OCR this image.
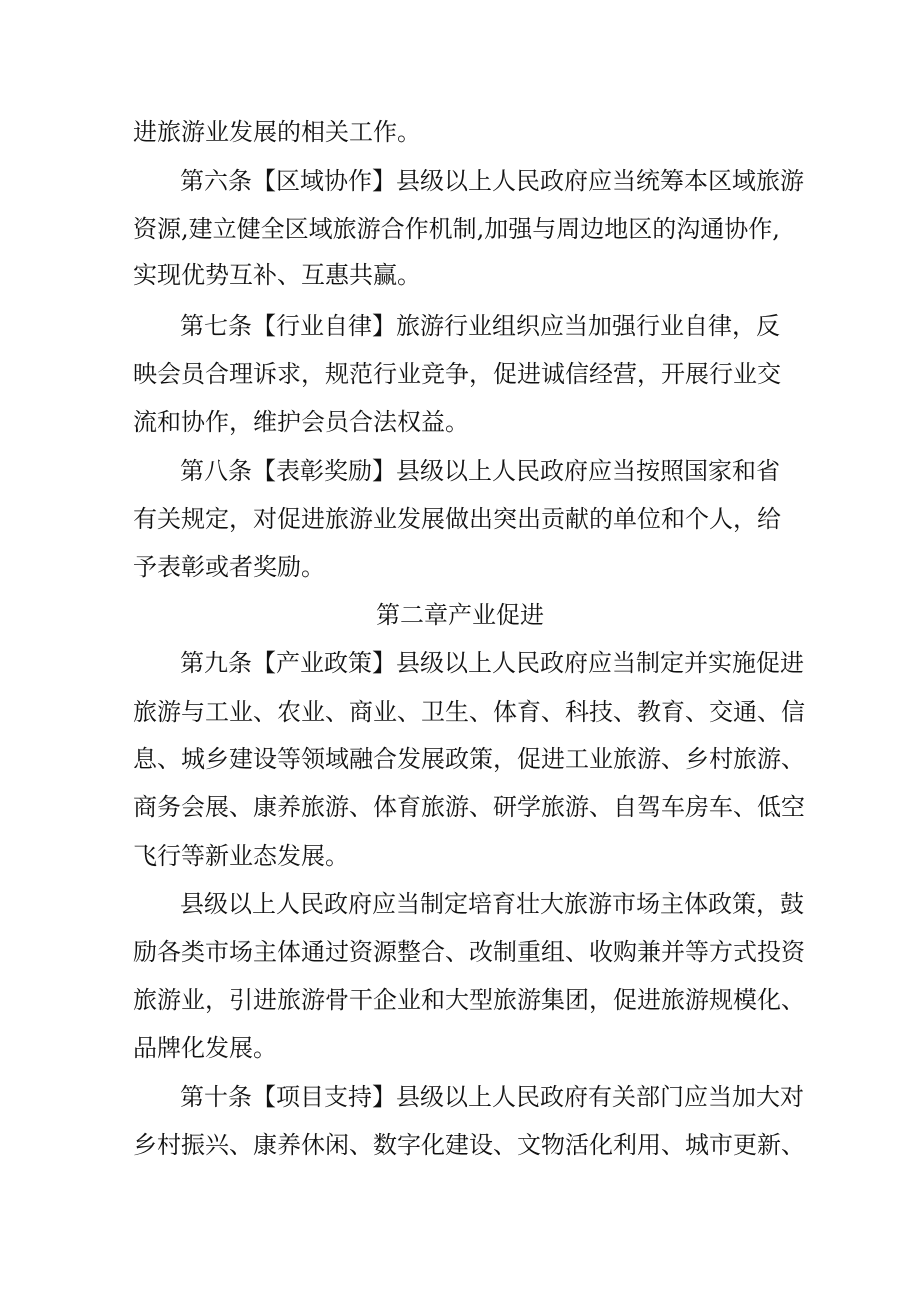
进旅游业发展的相关工作。
第六条【区域协作】县级以上人民政府应当统筹本区域旅游
资源,建立健全区域旅游合作机制,加强与周边地区的沟通协作,
实现优势互补、互惠共赢。
第七条【行业自律】旅游行业组织应当加强行业自律，反
映会员合理诉求，规范行业竞争，促进诚信经营，开展行业交
流和协作，维护会员合法权益。
第八条【表彰奖励】县级以上人民政府应当按照国家和省
有关规定，对促进旅游业发展做出突出贡献的单位和个人，给
予表彰或者奖励。
第二章产业促进
第九条【产业政策】县级以上人民政府应当制定并实施促进
旅游与工业、农业、商业、卫生、体育、科技、教育、交通、信
息、城乡建设等领域融合发展政策，促进工业旅游、乡村旅游、
商务会展、康养旅游、体育旅游、研学旅游、自驾车房车、低空
飞行等新业态发展。
县级以上人民政府应当制定培育壮大旅游市场主体政策，鼓
励各类市场主体通过资源整合、改制重组、收购兼并等方式投资
旅游业，引进旅游骨干企业和大型旅游集团，促进旅游规模化、
品牌化发展。
第十条【项目支持】县级以上人民政府有关部门应当加大对
乡村振兴、康养休闲、数字化建设、文物活化利用、城市更新、
